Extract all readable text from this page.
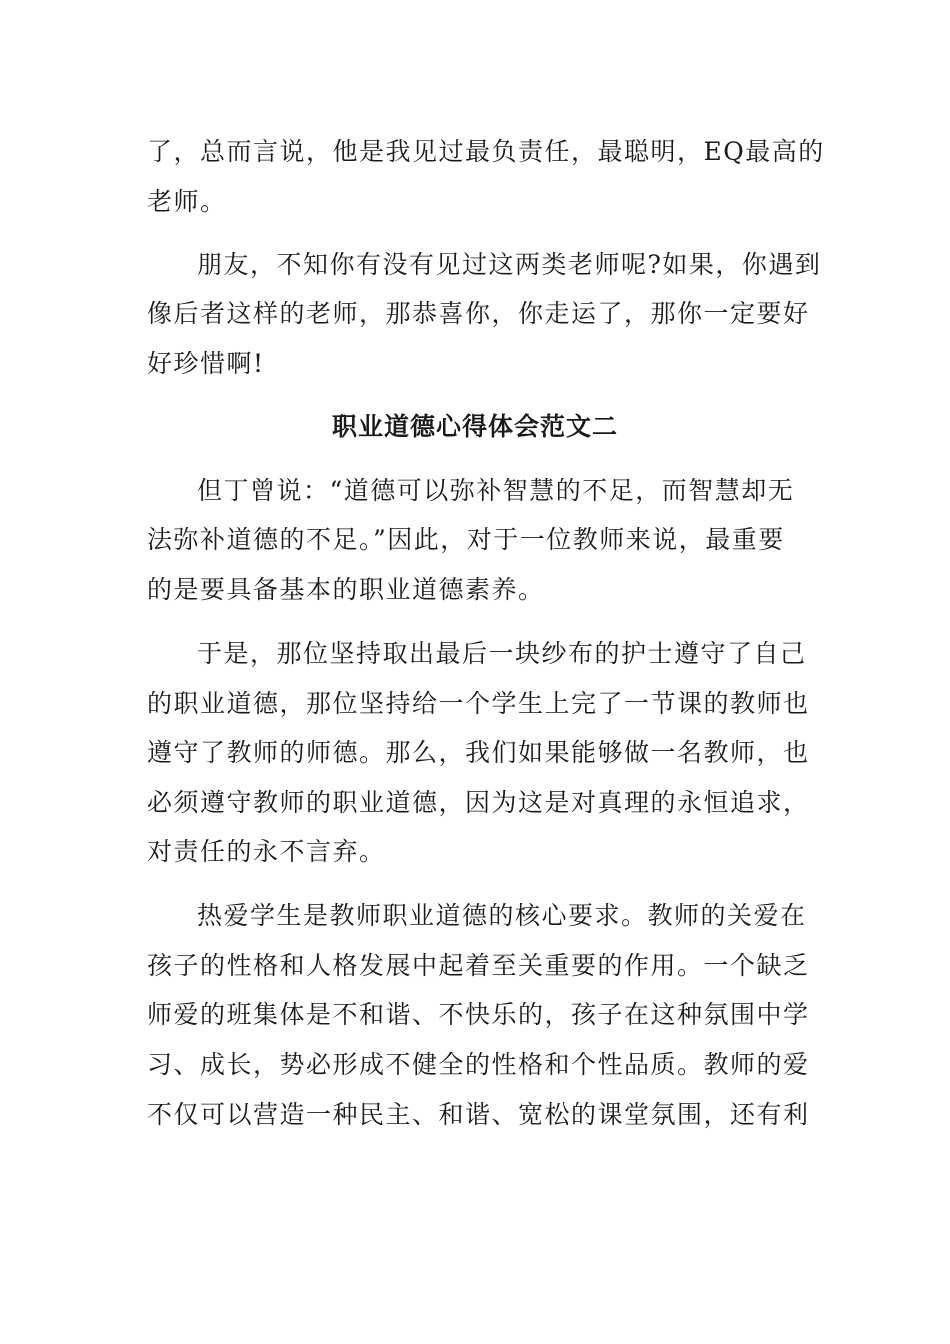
了，总而言说，他是我见过最负责任，最聪明，EQ最高的
老师。
朋友，不知你有没有见过这两类老师呢?如果，你遇到
像后者这样的老师，那恭喜你，你走运了，那你一定要好
好珍惜啊!
职业道德心得体会范文二
但丁曾说：“道德可以弥补智慧的不足，而智慧却无
法弥补道德的不足。”因此，对于一位教师来说，最重要
的是要具备基本的职业道德素养。
于是，那位坚持取出最后一块纱布的护士遵守了自己
的职业道德，那位坚持给一个学生上完了一节课的教师也
遵守了教师的师德。那么，我们如果能够做一名教师，也
必须遵守教师的职业道德，因为这是对真理的永恒追求，
对责任的永不言弃。
热爱学生是教师职业道德的核心要求。教师的关爱在
孩子的性格和人格发展中起着至关重要的作用。一个缺乏
师爱的班集体是不和谐、不快乐的，孩子在这种氛围中学
习、成长，势必形成不健全的性格和个性品质。教师的爱
不仅可以营造一种民主、和谐、宽松的课堂氛围，还有利
